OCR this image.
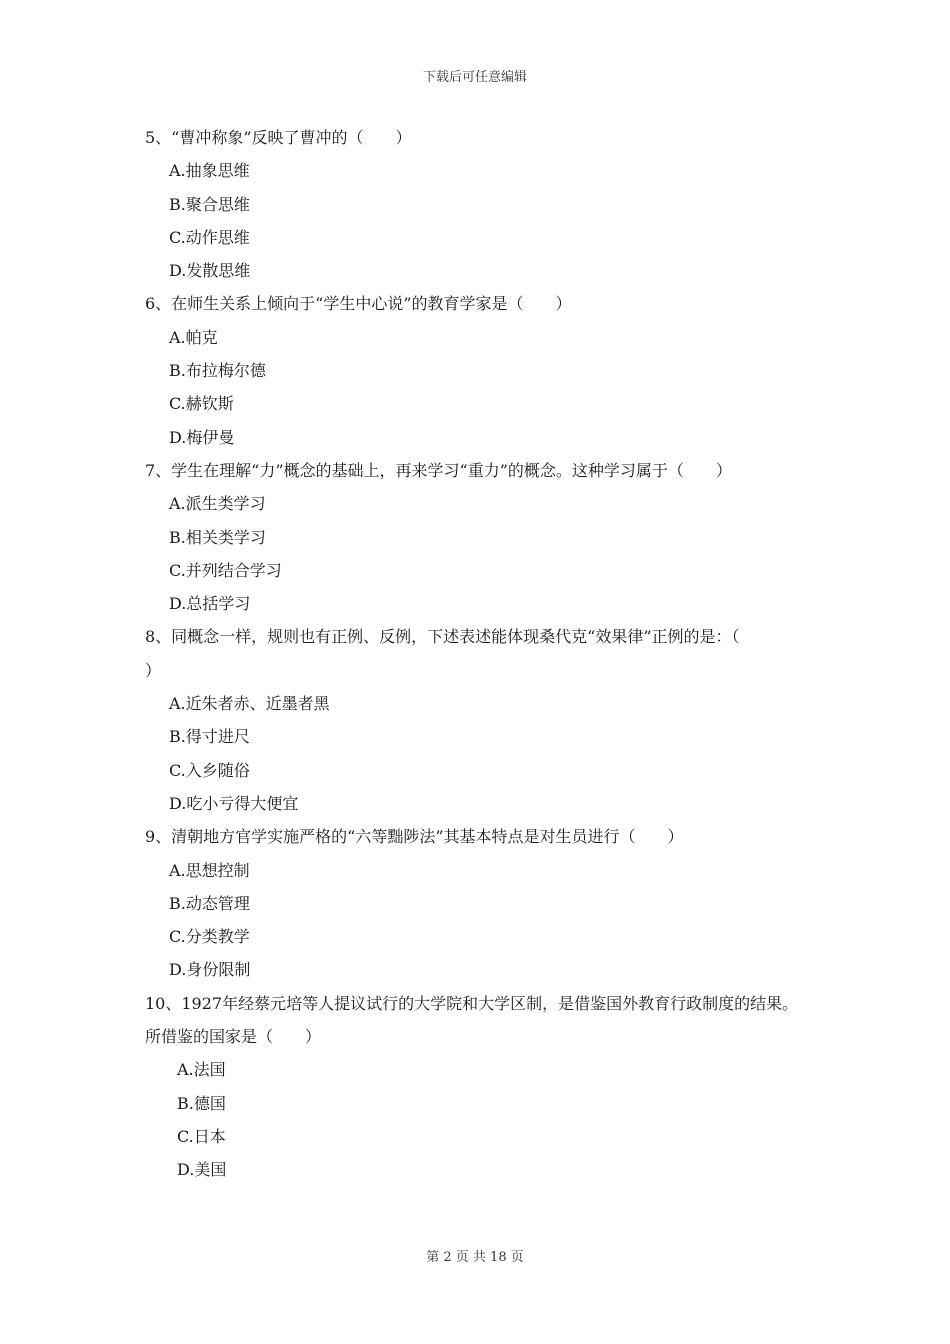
下载后可任意编辑
5、“曹冲称象”反映了曹冲的（　　）
A.抽象思维
B.聚合思维
C.动作思维
D.发散思维
6、在师生关系上倾向于“学生中心说”的教育学家是（　　）
A.帕克
B.布拉梅尔德
C.赫钦斯
D.梅伊曼
7、学生在理解“力”概念的基础上，再来学习“重力”的概念。这种学习属于（　　）
A.派生类学习
B.相关类学习
C.并列结合学习
D.总括学习
8、同概念一样，规则也有正例、反例，下述表述能体现桑代克“效果律”正例的是：（
）
A.近朱者赤、近墨者黑
B.得寸进尺
C.入乡随俗
D.吃小亏得大便宜
9、清朝地方官学实施严格的“六等黜陟法”其基本特点是对生员进行（　　）
A.思想控制
B.动态管理
C.分类教学
D.身份限制
10、1927年经蔡元培等人提议试行的大学院和大学区制，是借鉴国外教育行政制度的结果。
所借鉴的国家是（　　）
A.法国
B.德国
C.日本
D.美国
第 2 页 共 18 页
